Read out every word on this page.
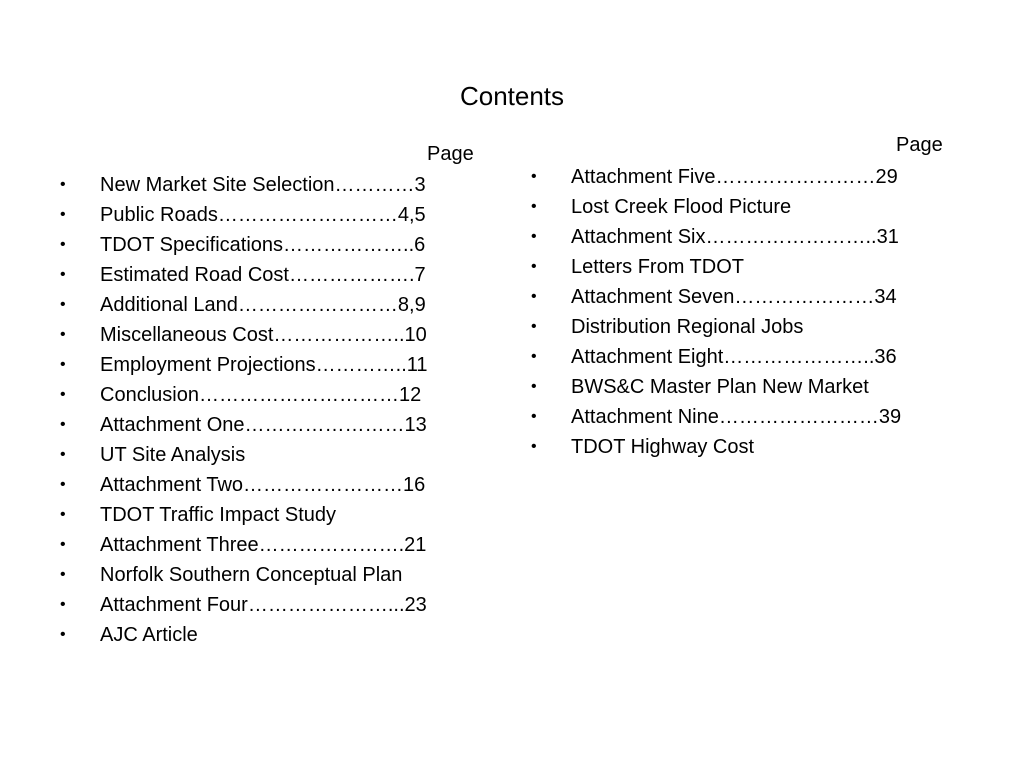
Contents
Page	Page
•	New Market Site Selection…………3
•	Public Roads………………………4,5
•	TDOT Specifications………………..6
•	Estimated Road Cost……………….7
•	Additional Land……………………8,9
•	Miscellaneous Cost………………..10
•	Employment Projections…………..11
•	Conclusion…………………………12
•	Attachment One……………………13
•	UT Site Analysis
•	Attachment Two……………………16
•	TDOT Traffic Impact Study
•	Attachment Three………………….21
•	Norfolk Southern Conceptual Plan
•	Attachment Four…………………...23
•	AJC Article
•	Attachment Five……………………29
•	Lost Creek Flood Picture
•	Attachment Six……………………..31
•	Letters From TDOT
•	Attachment Seven…………………34
•	Distribution Regional Jobs
•	Attachment Eight…………………..36
•	BWS&C Master Plan New Market
•	Attachment Nine……………………39
•	TDOT Highway Cost
